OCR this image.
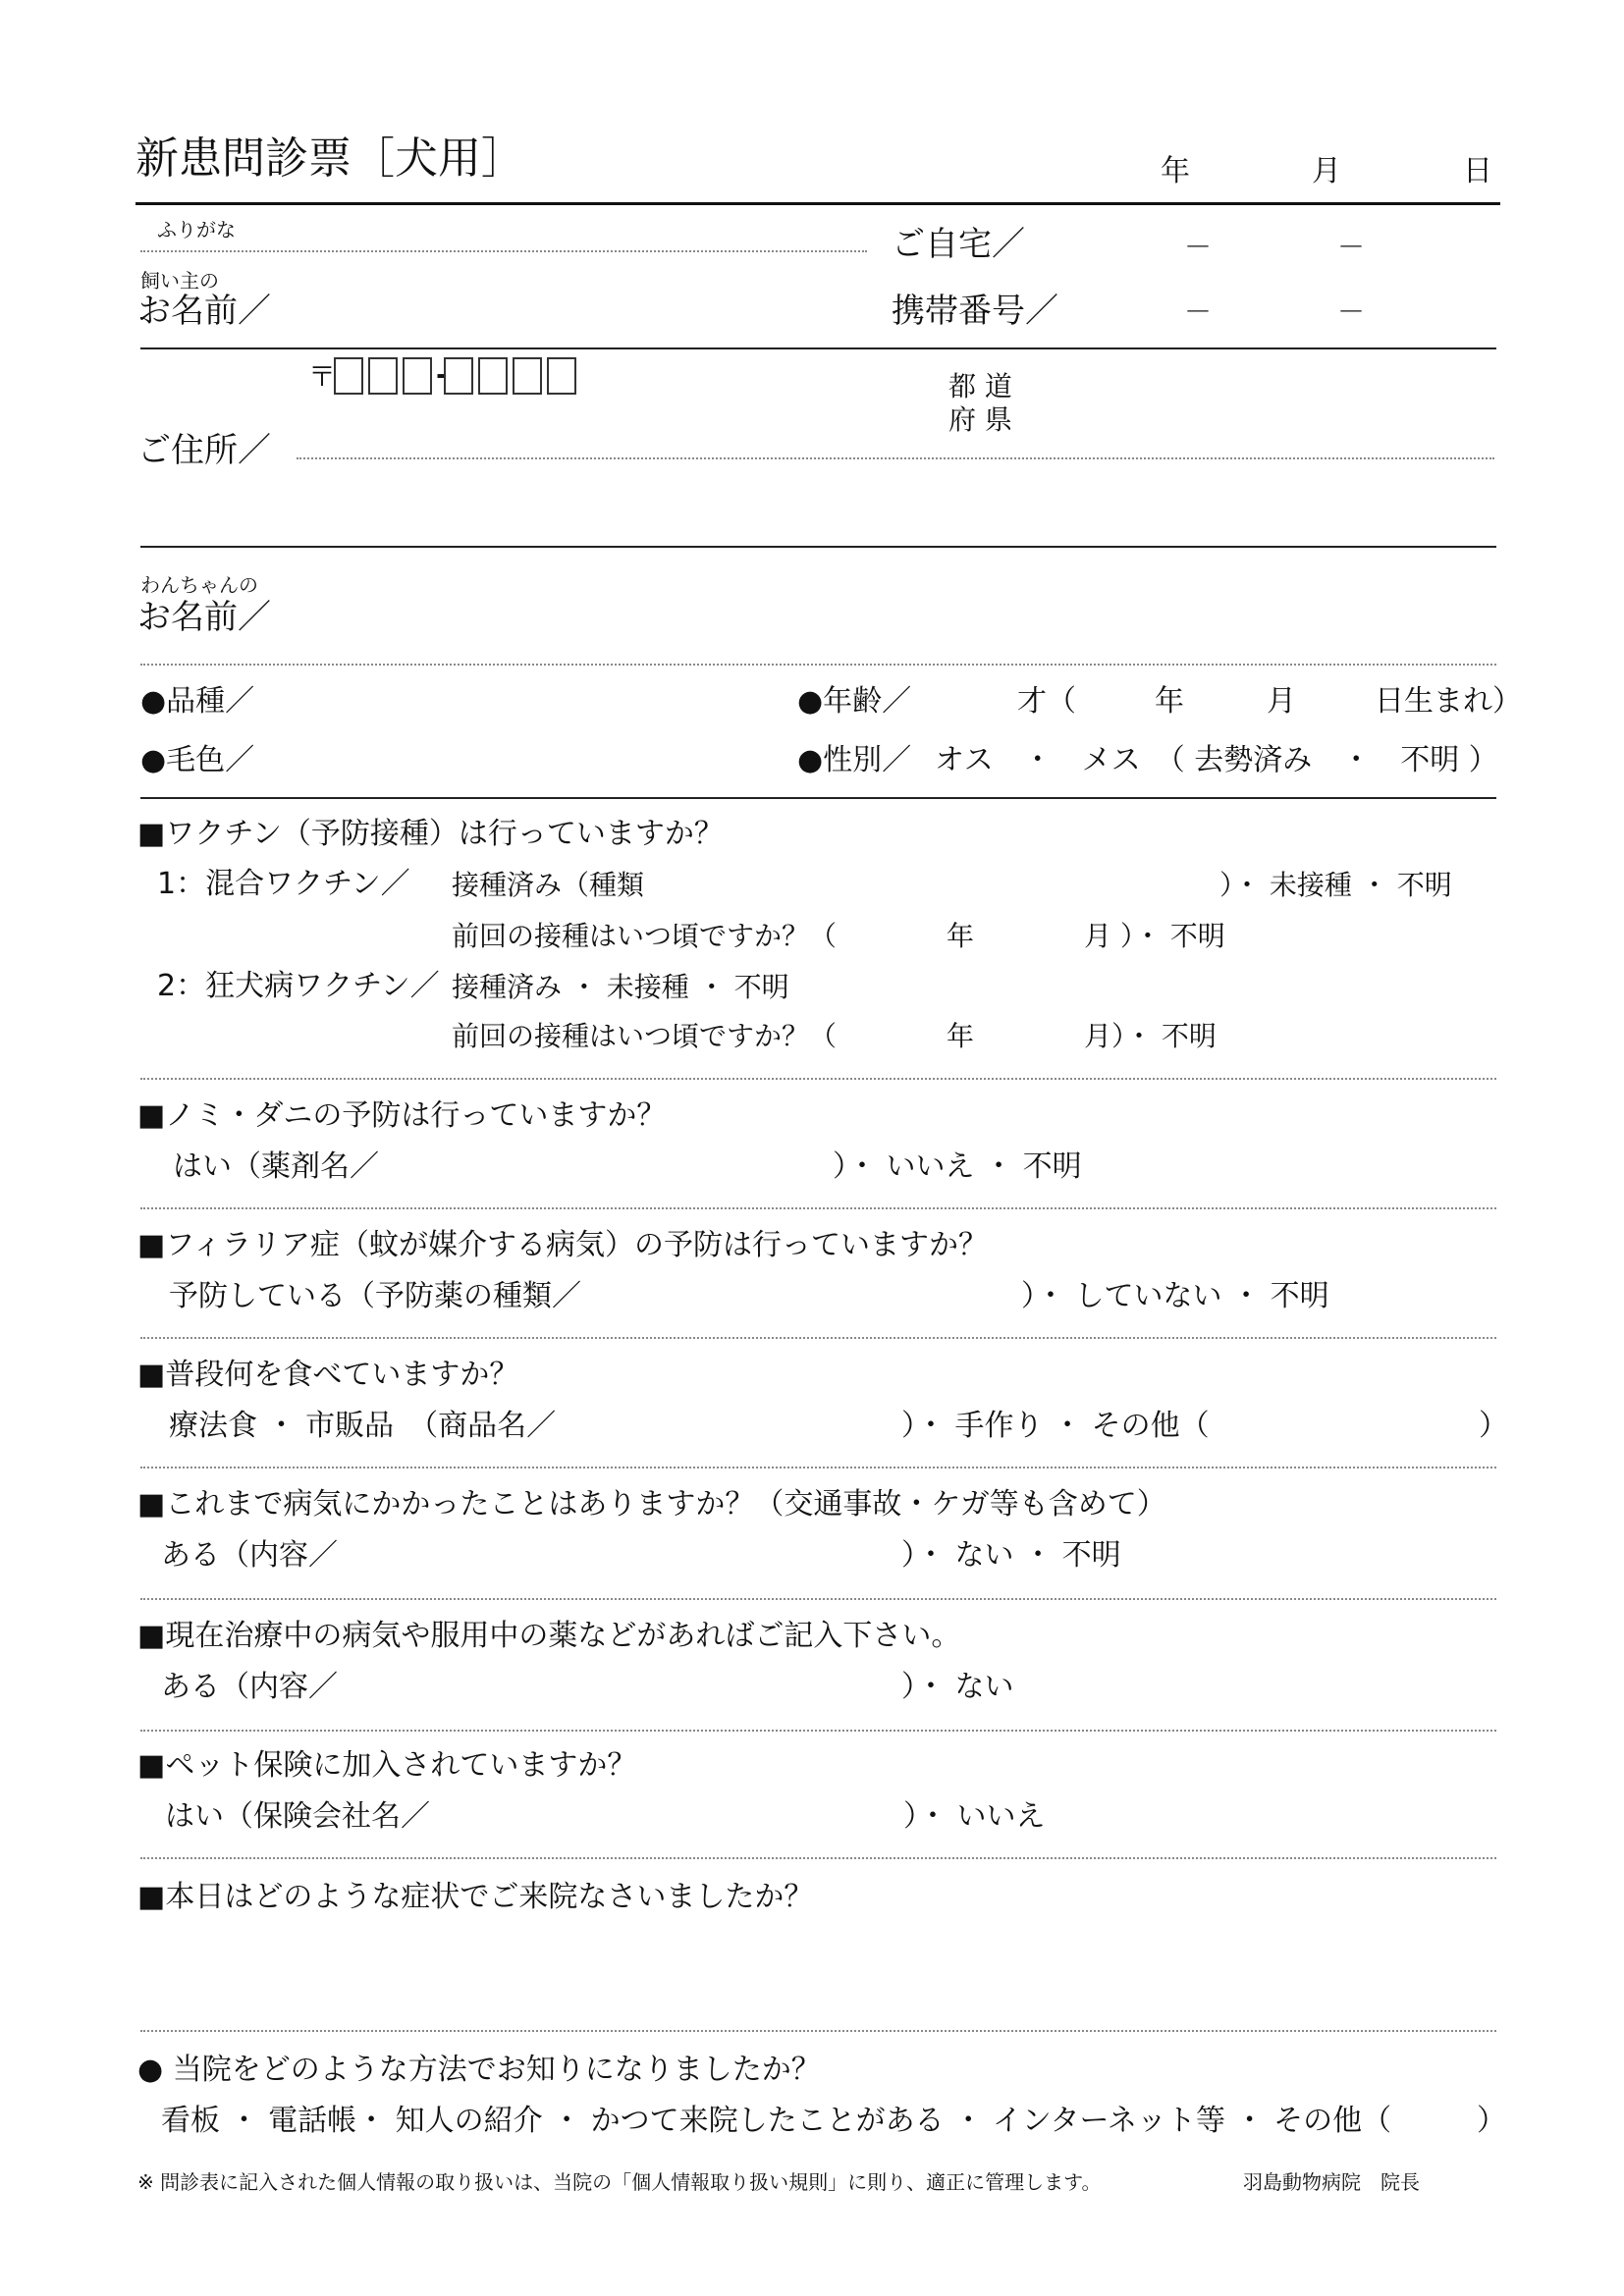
新患問診票［犬用］	年	月	日
ふりがな
飼い主の
お名前／
ご自宅／	－	－
携帯番号／	－	－
〒	-	都 道
府 県
ご住所／
わんちゃんの
お名前／
●品種／	●年齢／	才（	年	月	日生まれ）
●毛色／	●性別／ オス　・　メス　（ 去勢済み　・　不明 ）
■ワクチン（予防接種）は行っていますか？
1：混合ワクチン／ 接種済み（種類	）・ 未接種 ・ 不明
前回の接種はいつ頃ですか？（	年	月 ）・ 不明
2：狂犬病ワクチン／ 接種済み ・ 未接種 ・ 不明
前回の接種はいつ頃ですか？（	年	月）・ 不明
■ノミ・ダニの予防は行っていますか？
はい（薬剤名／	）・ いいえ ・ 不明
■フィラリア症（蚊が媒介する病気）の予防は行っていますか？
予防している（予防薬の種類／	）・ していない ・ 不明
■普段何を食べていますか？
療法食 ・ 市販品　（商品名／	）・ 手作り ・ その他（	）
■これまで病気にかかったことはありますか？（交通事故・ケガ等も含めて）
ある（内容／	）・ ない ・ 不明
■現在治療中の病気や服用中の薬などがあればご記入下さい。
ある（内容／	）・ ない
■ペット保険に加入されていますか？
はい（保険会社名／	）・ いいえ
■本日はどのような症状でご来院なさいましたか？
● 当院をどのような方法でお知りになりましたか？
看板 ・ 電話帳・ 知人の紹介 ・ かつて来院したことがある ・ インターネット等 ・ その他（	）
※ 問診表に記入された個人情報の取り扱いは、当院の「個人情報取り扱い規則」に則り、適正に管理します。	羽島動物病院　院長
